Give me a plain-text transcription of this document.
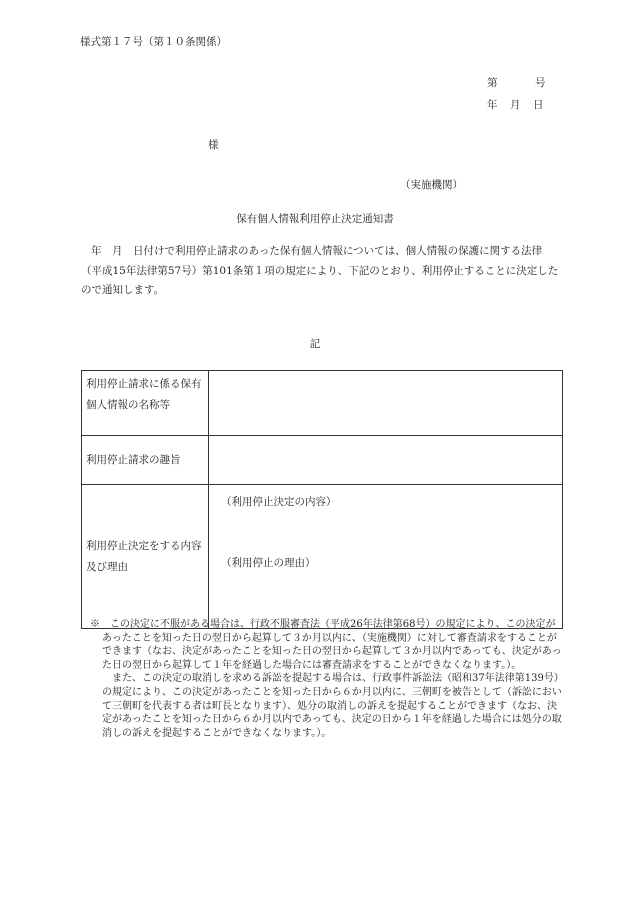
様式第１７号（第１０条関係）
第	号
年 月 日
様
（実施機関）
保有個人情報利用停止決定通知書
年　月　日付けで利用停止請求のあった保有個人情報については、個人情報の保護に関する法律（平成15年法律第57号）第101条第１項の規定により、下記のとおり、利用停止することに決定したので通知します。
記
利用停止請求に係る保有個人情報の名称等	
利用停止請求の趣旨	
利用停止決定をする内容及び理由	（利用停止決定の内容）
（利用停止の理由）

※　この決定に不服がある場合は、行政不服審査法（平成26年法律第68号）の規定により、この決定があったことを知った日の翌日から起算して３か月以内に、（実施機関）に対して審査請求をすることができます（なお、決定があったことを知った日の翌日から起算して３か月以内であっても、決定があった日の翌日から起算して１年を経過した場合には審査請求をすることができなくなります。）。

また、この決定の取消しを求める訴訟を提起する場合は、行政事件訴訟法（昭和37年法律第139号）の規定により、この決定があったことを知った日から６か月以内に、三朝町を被告として（訴訟において三朝町を代表する者は町長となります）、処分の取消しの訴えを提起することができます（なお、決定があったことを知った日から６か月以内であっても、決定の日から１年を経過した場合には処分の取消しの訴えを提起することができなくなります。）。
